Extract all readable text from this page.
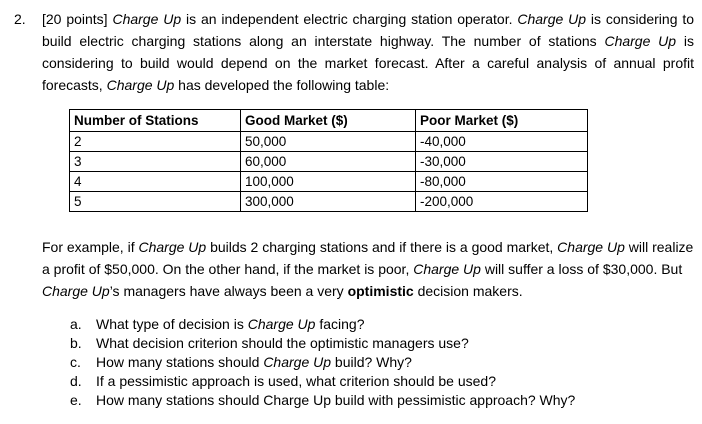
2.	[20 points] Charge Up is an independent electric charging station operator. Charge Up is considering to build electric charging stations along an interstate highway. The number of stations Charge Up is considering to build would depend on the market forecast. After a careful analysis of annual profit forecasts, Charge Up has developed the following table:
Number of Stations	Good Market ($)	Poor Market ($)
2	50,000	-40,000
3	60,000	-30,000
4	100,000	-80,000
5	300,000	-200,000
For example, if Charge Up builds 2 charging stations and if there is a good market, Charge Up will realize a profit of $50,000. On the other hand, if the market is poor, Charge Up will suffer a loss of $30,000. But Charge Up’s managers have always been a very optimistic decision makers.
a. What type of decision is Charge Up facing?
b. What decision criterion should the optimistic managers use?
c. How many stations should Charge Up build? Why?
d. If a pessimistic approach is used, what criterion should be used?
e. How many stations should Charge Up build with pessimistic approach? Why?
